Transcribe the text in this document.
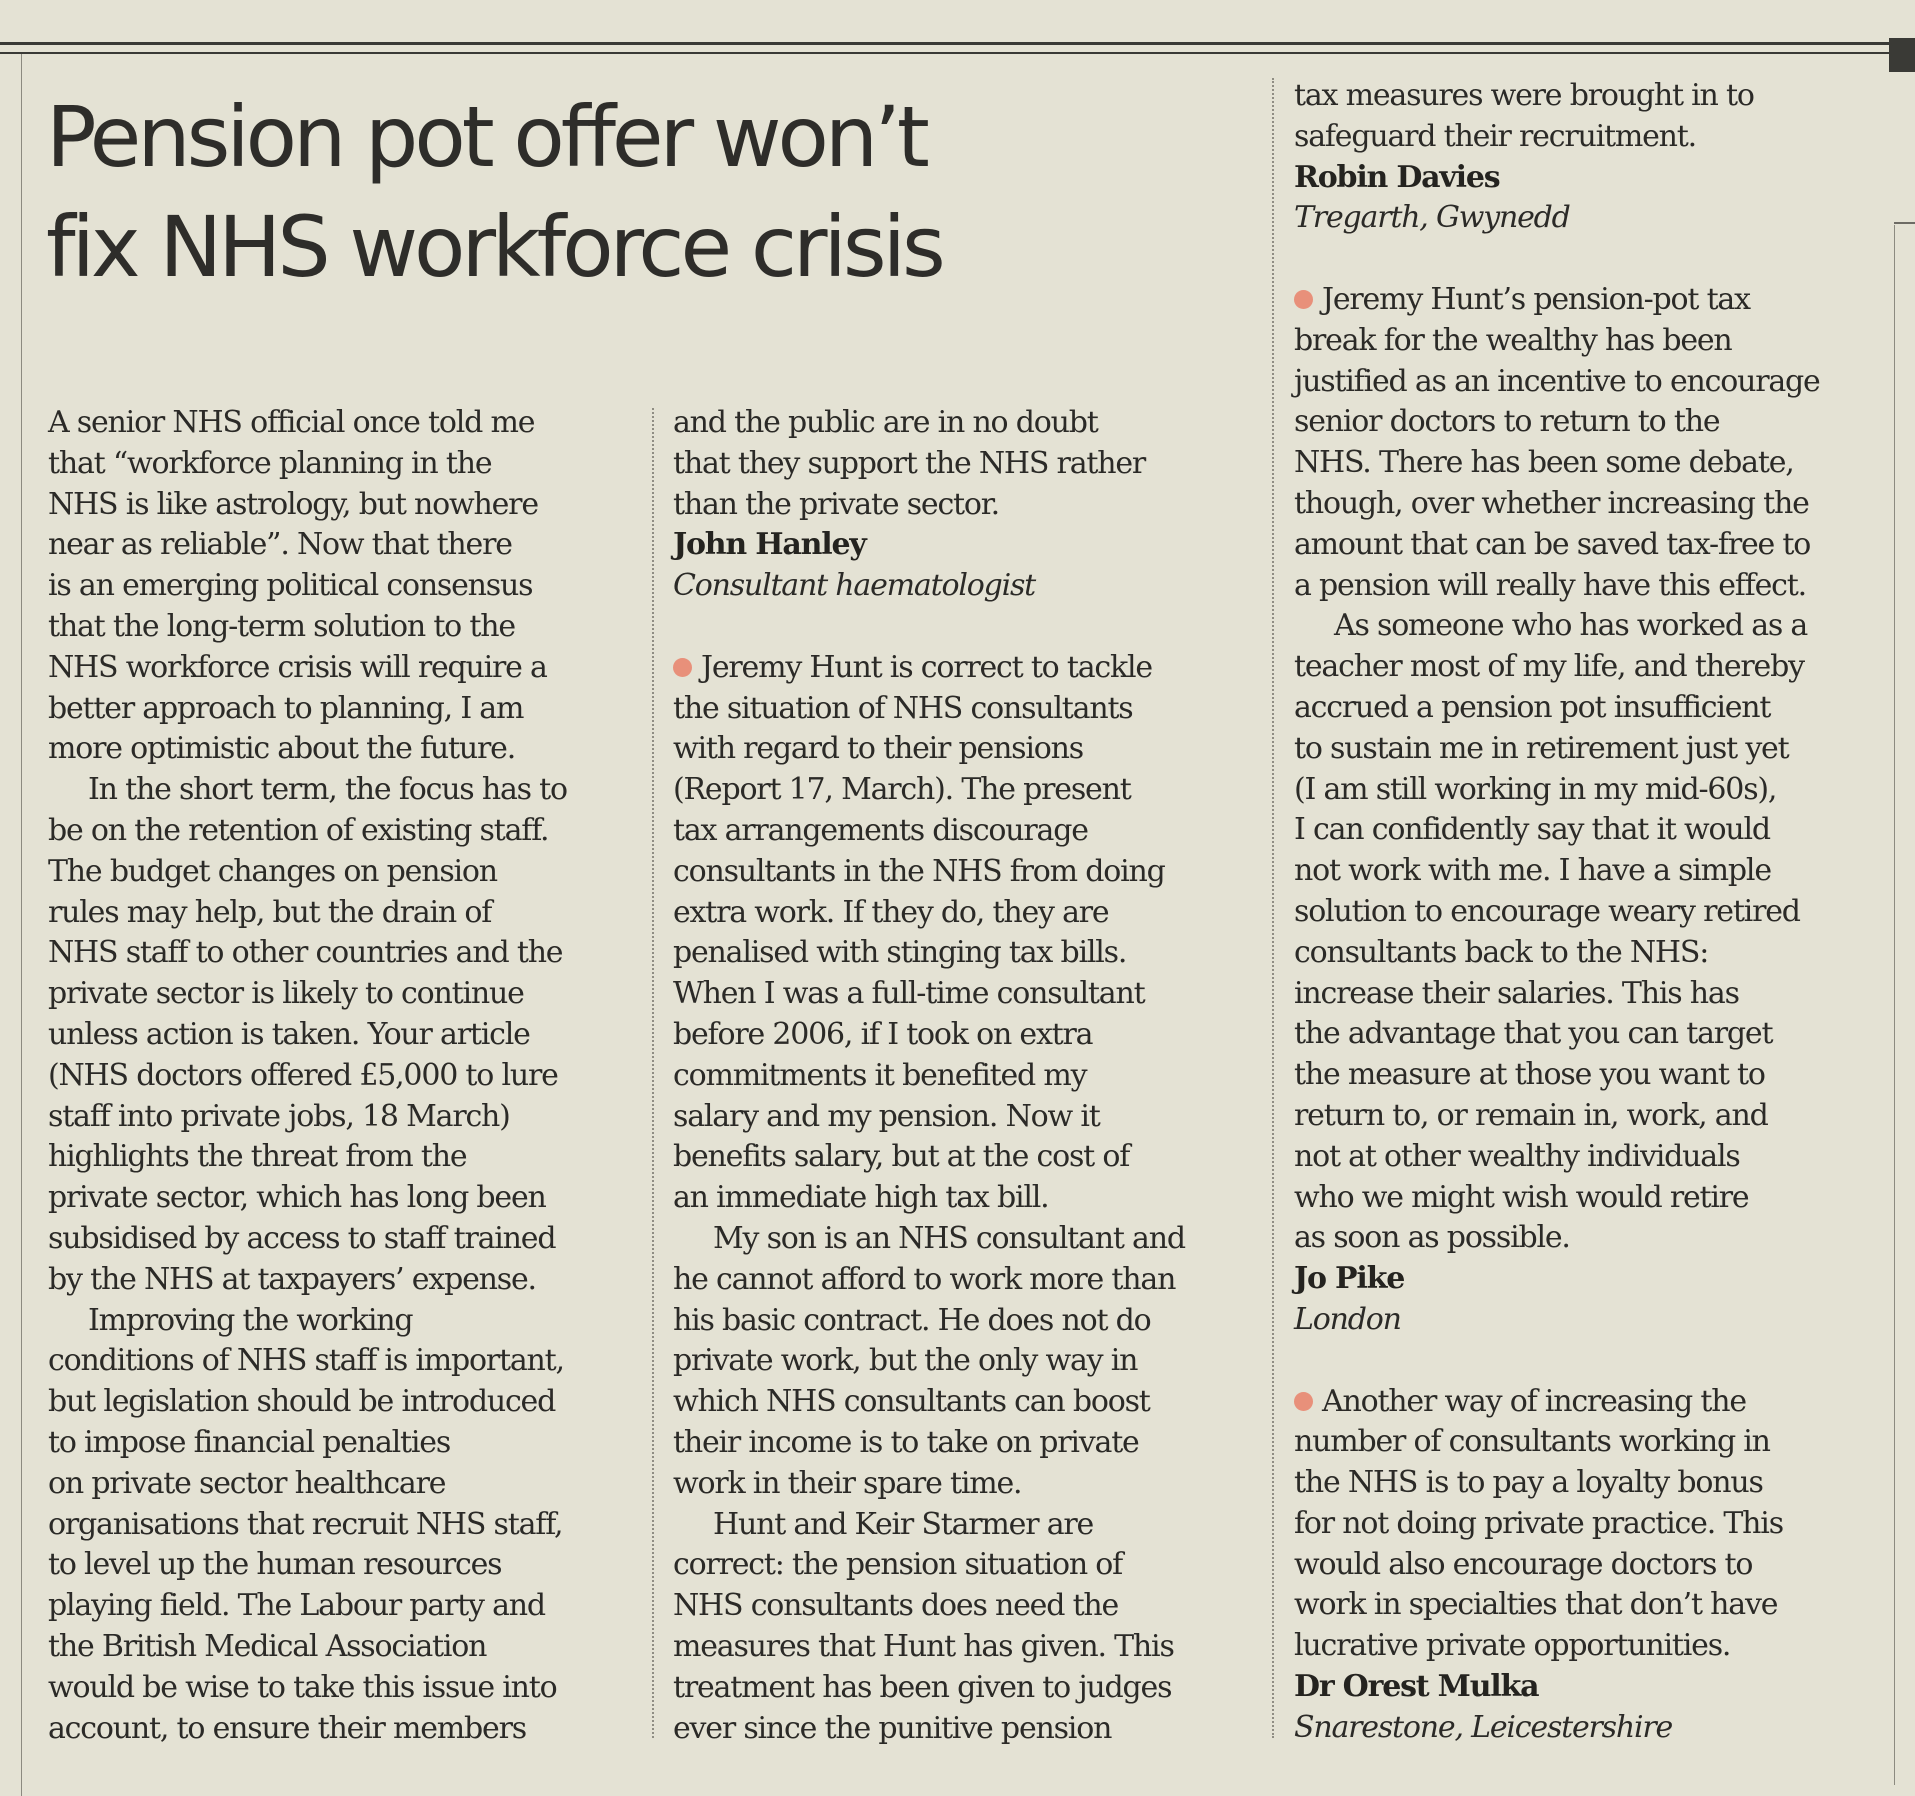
Pension pot offer won’t
fix NHS workforce crisis

A senior NHS official once told me
that “workforce planning in the
NHS is like astrology, but nowhere
near as reliable”. Now that there
is an emerging political consensus
that the long-term solution to the
NHS workforce crisis will require a
better approach to planning, I am
more optimistic about the future.

In the short term, the focus has to
be on the retention of existing staff.
The budget changes on pension
rules may help, but the drain of
NHS staff to other countries and the
private sector is likely to continue
unless action is taken. Your article
(NHS doctors offered £5,000 to lure
staff into private jobs, 18 March)
highlights the threat from the
private sector, which has long been
subsidised by access to staff trained
by the NHS at taxpayers’ expense.

Improving the working
conditions of NHS staff is important,
but legislation should be introduced
to impose financial penalties
on private sector healthcare
organisations that recruit NHS staff,
to level up the human resources
playing field. The Labour party and
the British Medical Association
would be wise to take this issue into
account, to ensure their members

and the public are in no doubt
that they support the NHS rather
than the private sector.

John Hanley
Consultant haematologist

Jeremy Hunt is correct to tackle
the situation of NHS consultants
with regard to their pensions
(Report 17, March). The present
tax arrangements discourage
consultants in the NHS from doing
extra work. If they do, they are
penalised with stinging tax bills.
When I was a full-time consultant
before 2006, if I took on extra
commitments it benefited my
salary and my pension. Now it
benefits salary, but at the cost of
an immediate high tax bill.

My son is an NHS consultant and
he cannot afford to work more than
his basic contract. He does not do
private work, but the only way in
which NHS consultants can boost
their income is to take on private
work in their spare time.

Hunt and Keir Starmer are
correct: the pension situation of
NHS consultants does need the
measures that Hunt has given. This
treatment has been given to judges
ever since the punitive pension

tax measures were brought in to
safeguard their recruitment.

Robin Davies
Tregarth, Gwynedd

Jeremy Hunt’s pension-pot tax
break for the wealthy has been
justified as an incentive to encourage
senior doctors to return to the
NHS. There has been some debate,
though, over whether increasing the
amount that can be saved tax-free to
a pension will really have this effect.

As someone who has worked as a
teacher most of my life, and thereby
accrued a pension pot insufficient
to sustain me in retirement just yet
(I am still working in my mid-60s),
I can confidently say that it would
not work with me. I have a simple
solution to encourage weary retired
consultants back to the NHS:
increase their salaries. This has
the advantage that you can target
the measure at those you want to
return to, or remain in, work, and
not at other wealthy individuals
who we might wish would retire
as soon as possible.

Jo Pike
London

Another way of increasing the
number of consultants working in
the NHS is to pay a loyalty bonus
for not doing private practice. This
would also encourage doctors to
work in specialties that don’t have
lucrative private opportunities.

Dr Orest Mulka
Snarestone, Leicestershire
